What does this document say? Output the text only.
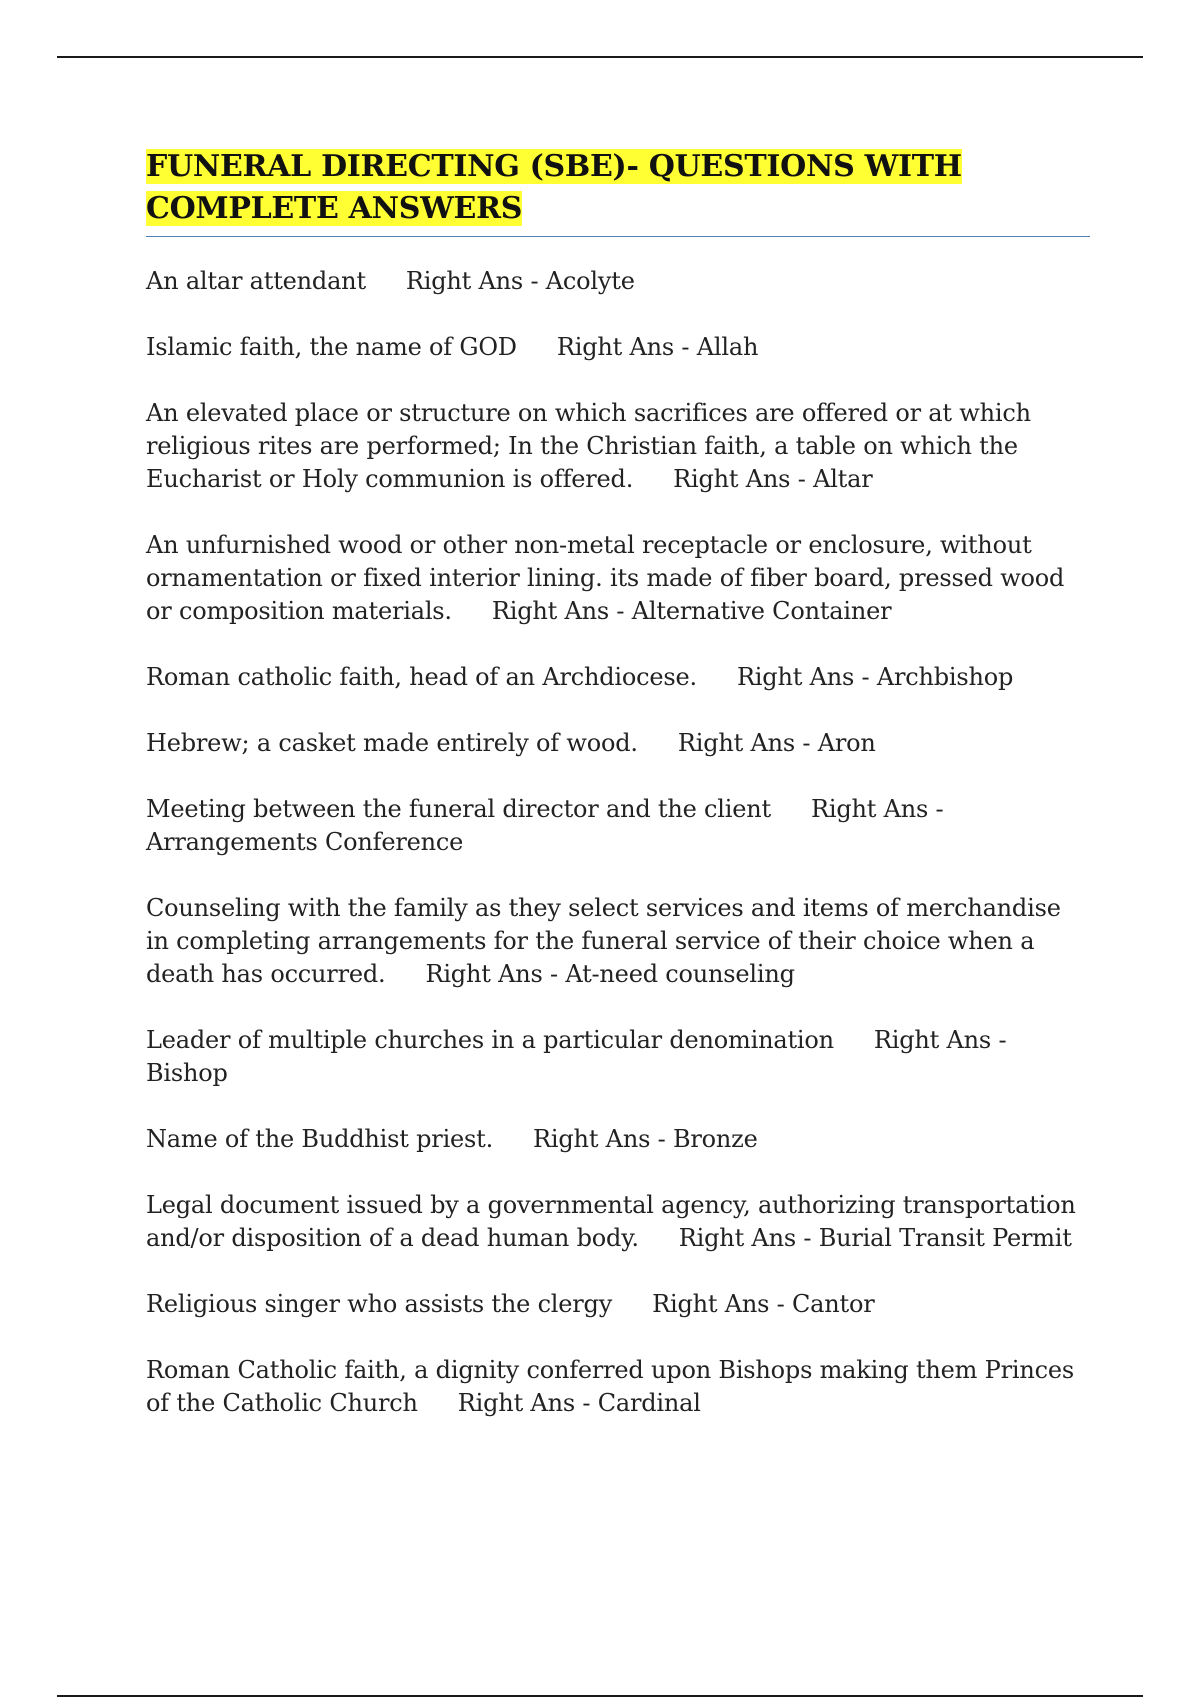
FUNERAL DIRECTING (SBE)- QUESTIONS WITH
COMPLETE ANSWERS

An altar attendant Right Ans - Acolyte

Islamic faith, the name of GOD Right Ans - Allah

An elevated place or structure on which sacrifices are offered or at which religious rites are performed; In the Christian faith, a table on which the Eucharist or Holy communion is offered. Right Ans - Altar

An unfurnished wood or other non-metal receptacle or enclosure, without ornamentation or fixed interior lining. its made of fiber board, pressed wood or composition materials. Right Ans - Alternative Container

Roman catholic faith, head of an Archdiocese. Right Ans - Archbishop

Hebrew; a casket made entirely of wood. Right Ans - Aron

Meeting between the funeral director and the client Right Ans - Arrangements Conference

Counseling with the family as they select services and items of merchandise in completing arrangements for the funeral service of their choice when a death has occurred. Right Ans - At-need counseling

Leader of multiple churches in a particular denomination Right Ans - Bishop

Name of the Buddhist priest. Right Ans - Bronze

Legal document issued by a governmental agency, authorizing transportation and/or disposition of a dead human body. Right Ans - Burial Transit Permit

Religious singer who assists the clergy Right Ans - Cantor

Roman Catholic faith, a dignity conferred upon Bishops making them Princes of the Catholic Church Right Ans - Cardinal
